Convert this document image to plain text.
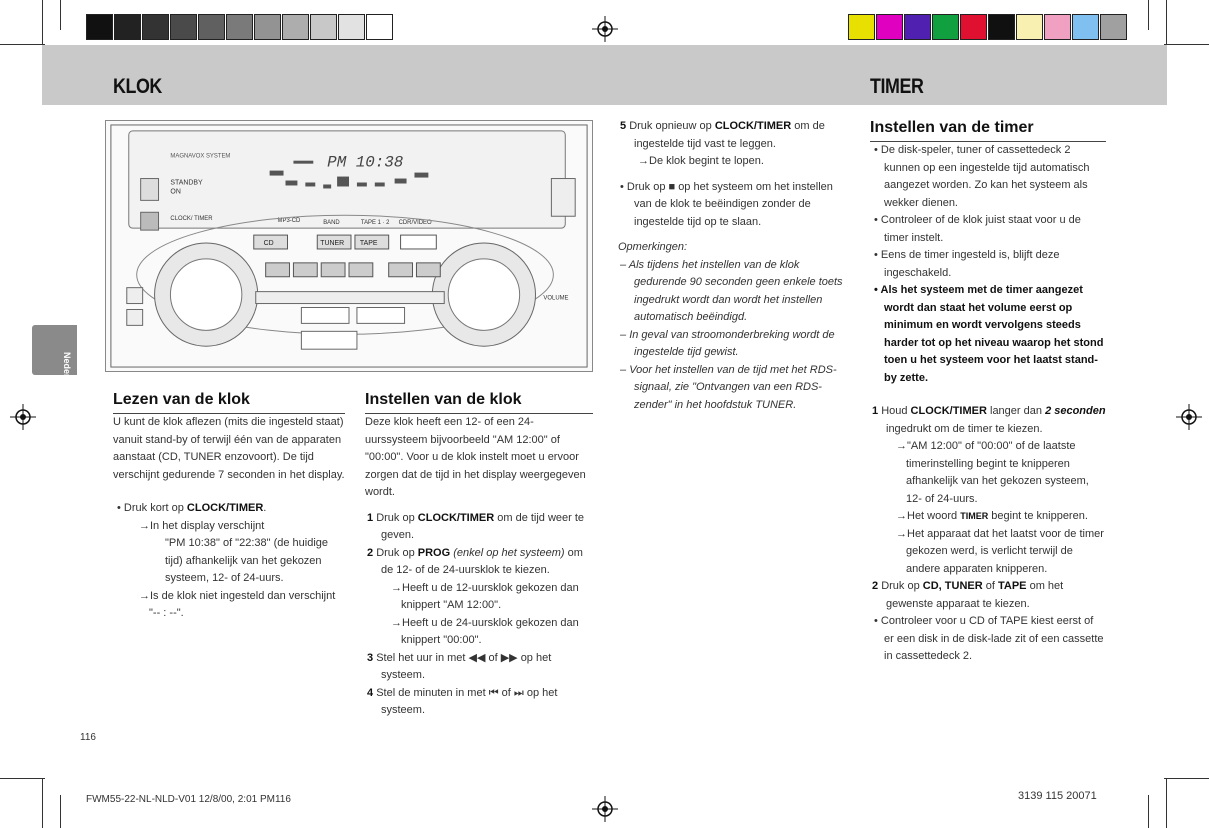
KLOK	TIMER
Nederlands
MAGNAVOX SYSTEM	PM 10:38
STANDBY
ON
CLOCK/ TIMER	MP3-CD	BAND	TAPE 1 · 2 CDR/VIDEO
CD	TUNER TAPE
VOLUME
Lezen van de klok

U kunt de klok aflezen (mits die ingesteld staat) vanuit stand-by of terwijl één van de apparaten aanstaat (CD, TUNER enzovoort). De tijd verschijnt gedurende 7 seconden in het display.

• Druk kort op CLOCK/TIMER.

→In het display verschijnt

"PM 10:38" of "22:38" (de huidige tijd) afhankelijk van het gekozen systeem, 12- of 24-uurs.

→Is de klok niet ingesteld dan verschijnt "-- : --".

Instellen van de klok

Deze klok heeft een 12- of een 24-uurssysteem bijvoorbeeld "AM 12:00" of "00:00". Voor u de klok instelt moet u ervoor zorgen dat de tijd in het display weergegeven wordt.

1 Druk op CLOCK/TIMER om de tijd weer te geven.

2 Druk op PROG (enkel op het systeem) om de 12- of de 24-uursklok te kiezen.

→Heeft u de 12-uursklok gekozen dan knippert "AM 12:00".

→Heeft u de 24-uursklok gekozen dan knippert "00:00".

3 Stel het uur in met ◀◀ of ▶▶ op het systeem.

4 Stel de minuten in met ⏮ of ⏭ op het systeem.

5 Druk opnieuw op CLOCK/TIMER om de ingestelde tijd vast te leggen.

→De klok begint te lopen.

• Druk op ■ op het systeem om het instellen van de klok te beëindigen zonder de ingestelde tijd op te slaan.

Opmerkingen:

– Als tijdens het instellen van de klok gedurende 90 seconden geen enkele toets ingedrukt wordt dan wordt het instellen automatisch beëindigd.

– In geval van stroomonderbreking wordt de ingestelde tijd gewist.

– Voor het instellen van de tijd met het RDS-signaal, zie "Ontvangen van een RDS-zender" in het hoofdstuk TUNER.

Instellen van de timer

• De disk-speler, tuner of cassettedeck 2 kunnen op een ingestelde tijd automatisch aangezet worden. Zo kan het systeem als wekker dienen.

• Controleer of de klok juist staat voor u de timer instelt.

• Eens de timer ingesteld is, blijft deze ingeschakeld.

• Als het systeem met de timer aangezet wordt dan staat het volume eerst op minimum en wordt vervolgens steeds harder tot op het niveau waarop het stond toen u het systeem voor het laatst stand-by zette.

1 Houd CLOCK/TIMER langer dan 2 seconden ingedrukt om de timer te kiezen.

→"AM 12:00" of "00:00" of de laatste timerinstelling begint te knipperen afhankelijk van het gekozen systeem, 12- of 24-uurs.

→Het woord TIMER begint te knipperen.

→Het apparaat dat het laatst voor de timer gekozen werd, is verlicht terwijl de andere apparaten knipperen.

2 Druk op CD, TUNER of TAPE om het gewenste apparaat te kiezen.

• Controleer voor u CD of TAPE kiest eerst of er een disk in de disk-lade zit of een cassette in cassettedeck 2.

116
FWM55-22-NL-NLD-V01 12/8/00, 2:01 PM116	3139 115 20071
